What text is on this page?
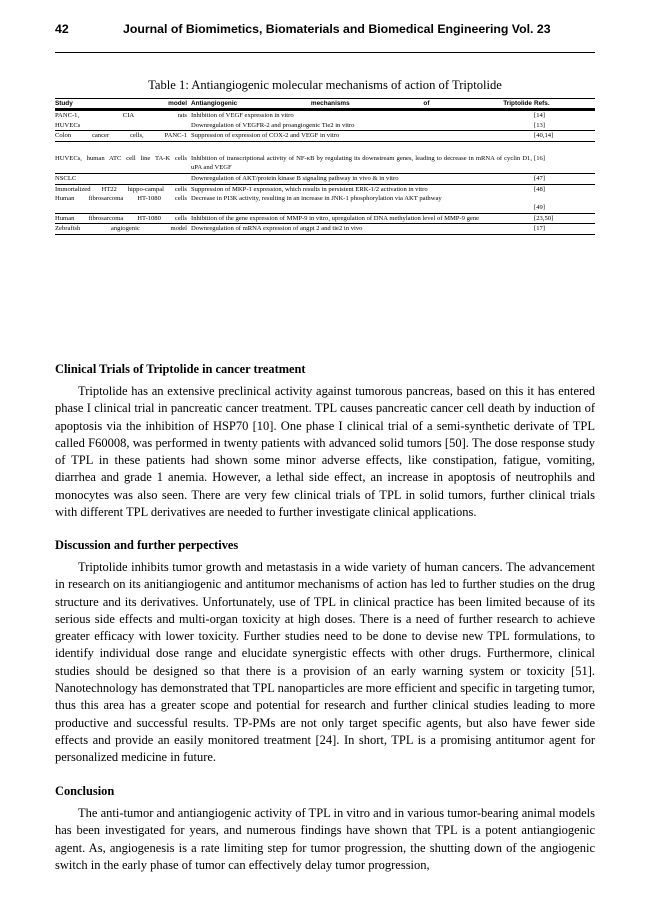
42	Journal of Biomimetics, Biomaterials and Biomedical Engineering Vol. 23
Table 1: Antiangiogenic molecular mechanisms of action of Triptolide
Study model	Antiangiogenic mechanisms of Triptolide	Refs.

PANC-1, CIA rats	Inhibition of VEGF expression in vitro	[14]
HUVECs	Downregulation of VEGFR-2 and proangiogenic Tie2 in vitro	[13]
Colon cancer cells, PANC-1	Suppression of expression of COX-2 and VEGF in vitro	[40,14]
HUVECs, human ATC cell line TA-K cells	Inhibition of transcriptional activity of NF-κB by regulating its downstream genes, leading to decrease in mRNA of cyclin D1, uPA and VEGF	[16]
NSCLC	Downregulation of AKT/protein kinase B signaling pathway in vivo & in vitro	[47]
Immortalized HT22 hippo-campal cells	Suppression of MKP-1 expression, which results in persistent ERK-1/2 activation in vitro	[48]
Human fibrosarcoma HT-1080 cells	Decrease in PI3K activity, resulting in an increase in JNK-1 phosphorylation via AKT pathway	[49]
Human fibrosarcoma HT-1080 cells	Inhibition of the gene expression of MMP-9 in vitro, upregulation of DNA methylation level of MMP-9 gene	[23,50]
Zebrafish angiogenic model	Downregulation of mRNA expression of angpt 2 and tie2 in vivo	[17]
Clinical Trials of Triptolide in cancer treatment

Triptolide has an extensive preclinical activity against tumorous pancreas, based on this it has entered phase I clinical trial in pancreatic cancer treatment. TPL causes pancreatic cancer cell death by induction of apoptosis via the inhibition of HSP70 [10]. One phase I clinical trial of a semi-synthetic derivate of TPL called F60008, was performed in twenty patients with advanced solid tumors [50]. The dose response study of TPL in these patients had shown some minor adverse effects, like constipation, fatigue, vomiting, diarrhea and grade 1 anemia. However, a lethal side effect, an increase in apoptosis of neutrophils and monocytes was also seen. There are very few clinical trials of TPL in solid tumors, further clinical trials with different TPL derivatives are needed to further investigate clinical applications.

Discussion and further perpectives

Triptolide inhibits tumor growth and metastasis in a wide variety of human cancers. The advancement in research on its anitiangiogenic and antitumor mechanisms of action has led to further studies on the drug structure and its derivatives. Unfortunately, use of TPL in clinical practice has been limited because of its serious side effects and multi-organ toxicity at high doses. There is a need of further research to achieve greater efficacy with lower toxicity. Further studies need to be done to devise new TPL formulations, to identify individual dose range and elucidate synergistic effects with other drugs. Furthermore, clinical studies should be designed so that there is a provision of an early warning system or toxicity [51]. Nanotechnology has demonstrated that TPL nanoparticles are more efficient and specific in targeting tumor, thus this area has a greater scope and potential for research and further clinical studies leading to more productive and successful results. TP-PMs are not only target specific agents, but also have fewer side effects and provide an easily monitored treatment [24]. In short, TPL is a promising antitumor agent for personalized medicine in future.

Conclusion

The anti-tumor and antiangiogenic activity of TPL in vitro and in various tumor-bearing animal models has been investigated for years, and numerous findings have shown that TPL is a potent antiangiogenic agent. As, angiogenesis is a rate limiting step for tumor progression, the shutting down of the angiogenic switch in the early phase of tumor can effectively delay tumor progression,
